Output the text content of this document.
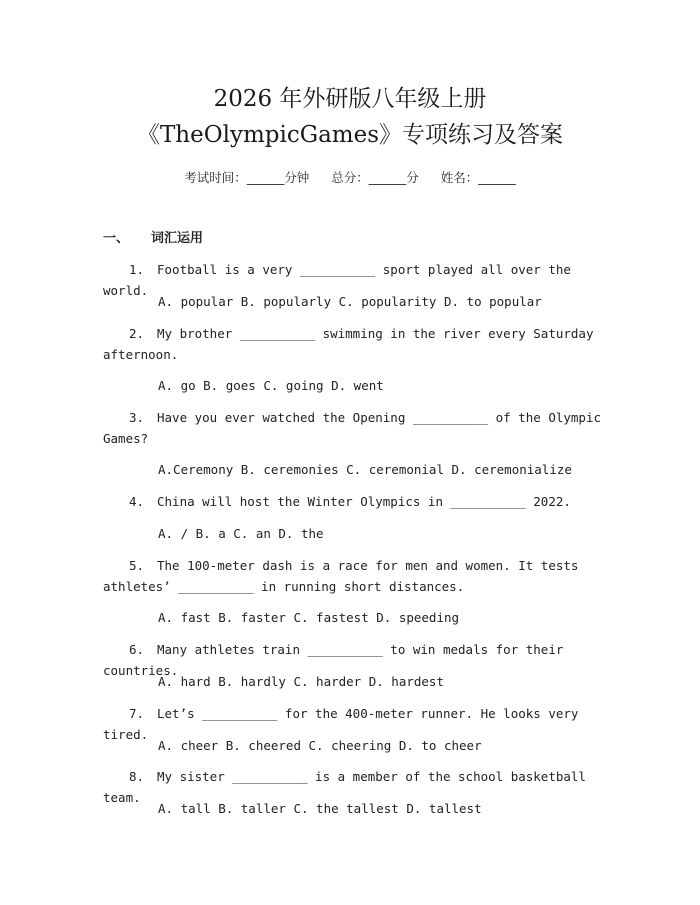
2026 年外研版八年级上册
《TheOlympicGames》专项练习及答案
考试时间：______分钟 总分：______分 姓名：______
一、 词汇运用
1. Football is a very __________ sport played all over the world.
A. popular B. popularly C. popularity D. to popular
2. My brother __________ swimming in the river every Saturday afternoon.
A. go B. goes C. going D. went
3. Have you ever watched the Opening __________ of the Olympic Games?
A.Ceremony B. ceremonies C. ceremonial D. ceremonialize
4. China will host the Winter Olympics in __________ 2022.
A. / B. a C. an D. the
5. The 100-meter dash is a race for men and women. It tests athletes’ __________ in running short distances.
A. fast B. faster C. fastest D. speeding
6. Many athletes train __________ to win medals for their countries.
A. hard B. hardly C. harder D. hardest
7. Let’s __________ for the 400-meter runner. He looks very tired.
A. cheer B. cheered C. cheering D. to cheer
8. My sister __________ is a member of the school basketball team.
A. tall B. taller C. the tallest D. tallest
